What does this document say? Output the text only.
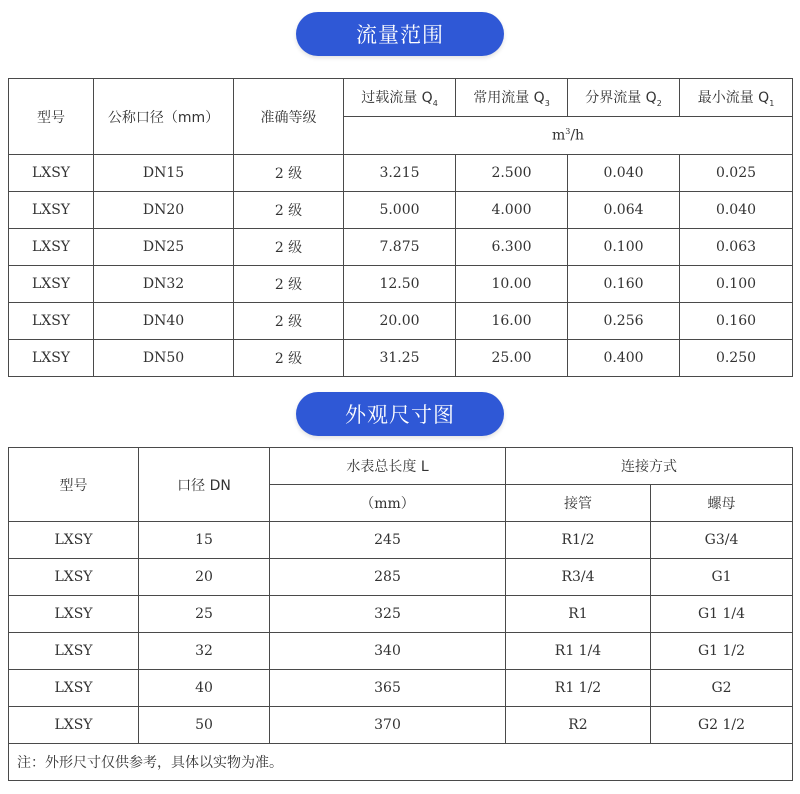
流量范围
型号	公称口径（mm）	准确等级	过载流量 $Q_4$	常用流量 $Q_3$	分界流量 $Q_2$	最小流量 $Q_1$
			$m^3/h$			
LXSY	DN15	2 级	3.215	2.500	0.040	0.025
LXSY	DN20	2 级	5.000	4.000	0.064	0.040
LXSY	DN25	2 级	7.875	6.300	0.100	0.063
LXSY	DN32	2 级	12.50	10.00	0.160	0.100
LXSY	DN40	2 级	20.00	16.00	0.256	0.160
LXSY	DN50	2 级	31.25	25.00	0.400	0.250
外观尺寸图
型号	口径 DN	水表总长度 L	连接方式	
		（mm）	接管	螺母
LXSY	15	245	R1/2	G3/4
LXSY	20	285	R3/4	G1
LXSY	25	325	R1	G1 1/4
LXSY	32	340	R1 1/4	G1 1/2
LXSY	40	365	R1 1/2	G2
LXSY	50	370	R2	G2 1/2
注：外形尺寸仅供参考，具体以实物为准。				
